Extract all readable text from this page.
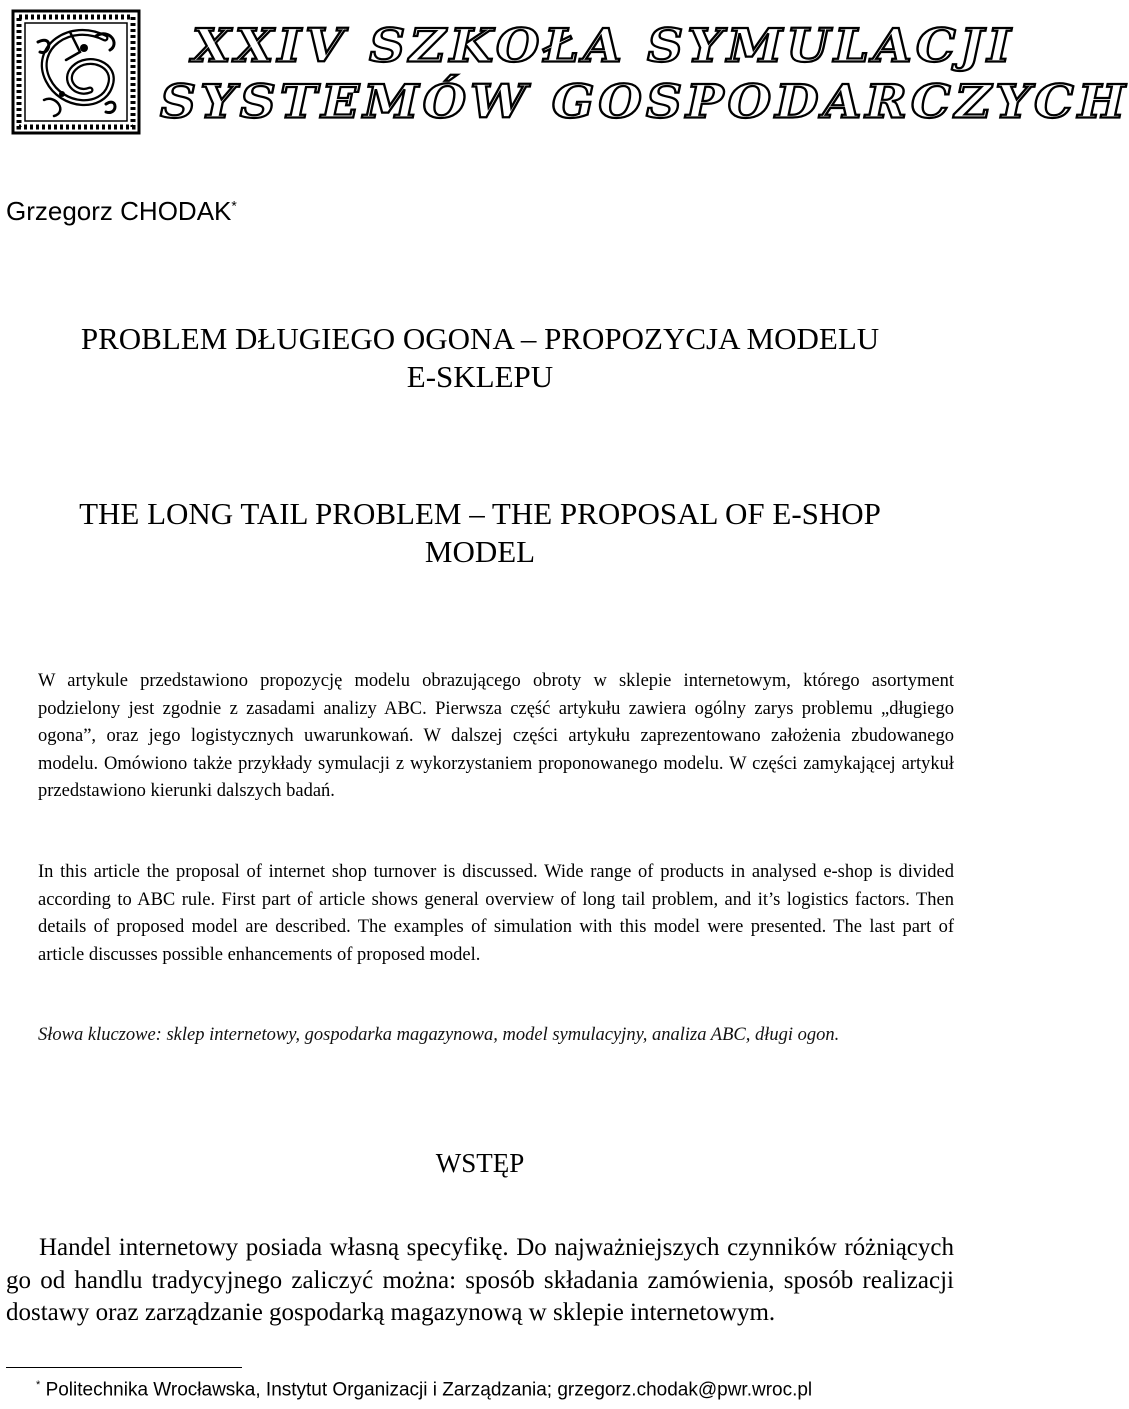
XXIV SZKOŁA SYMULACJI
SYSTEMÓW GOSPODARCZYCH
Grzegorz CHODAK*
PROBLEM DŁUGIEGO OGONA – PROPOZYCJA MODELU
E-SKLEPU
THE LONG TAIL PROBLEM – THE PROPOSAL OF E-SHOP
MODEL
W artykule przedstawiono propozycję modelu obrazującego obroty w sklepie internetowym, którego asortyment podzielony jest zgodnie z zasadami analizy ABC. Pierwsza część artykułu zawiera ogólny zarys problemu „długiego ogona”, oraz jego logistycznych uwarunkowań. W dalszej części artykułu zaprezentowano założenia zbudowanego modelu. Omówiono także przykłady symulacji z wykorzystaniem proponowanego modelu. W części zamykającej artykuł przedstawiono kierunki dalszych badań.
In this article the proposal of internet shop turnover is discussed. Wide range of products in analysed e-shop is divided according to ABC rule. First part of article shows general overview of long tail problem, and it’s logistics factors. Then details of proposed model are described. The examples of simulation with this model were presented. The last part of article discusses possible enhancements of proposed model.
Słowa kluczowe: sklep internetowy, gospodarka magazynowa, model symulacyjny, analiza ABC, długi ogon.
WSTĘP
Handel internetowy posiada własną specyfikę. Do najważniejszych czynników różniących go od handlu tradycyjnego zaliczyć można: sposób składania zamówienia, sposób realizacji dostawy oraz zarządzanie gospodarką magazynową w sklepie internetowym.
* Politechnika Wrocławska, Instytut Organizacji i Zarządzania; grzegorz.chodak@pwr.wroc.pl
